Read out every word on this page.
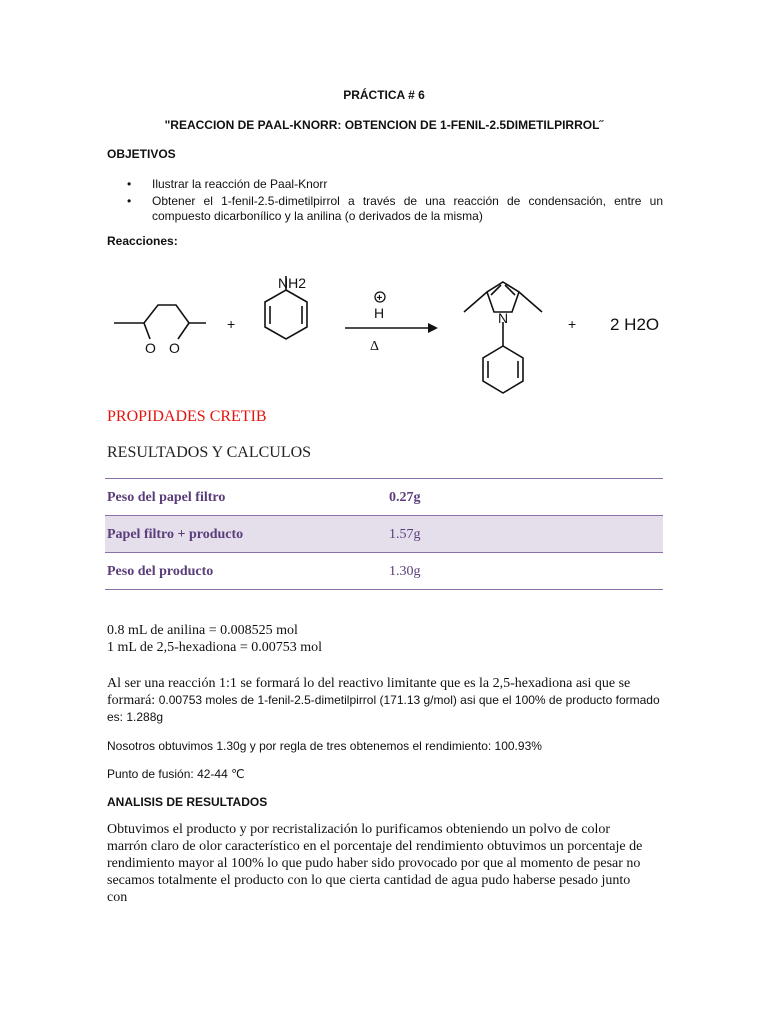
PRÁCTICA # 6
"REACCION DE PAAL-KNORR: OBTENCION DE 1-FENIL-2.5DIMETILPIRROL˝
OBJETIVOS
• Ilustrar la reacción de Paal-Knorr
• Obtener el 1-fenil-2.5-dimetilpirrol a través de una reacción de condensación, entre un compuesto dicarbonílico y la anilina (o derivados de la misma)
Reacciones:
O O
+
NH2
+
H
Δ
N	+ 2 H2O
PROPIDADES CRETIB
RESULTADOS Y CALCULOS
Peso del papel filtro	0.27g
Papel filtro + producto	1.57g
Peso del producto	1.30g
0.8 mL de anilina = 0.008525 mol
1 mL de 2,5-hexadiona = 0.00753 mol
Al ser una reacción 1:1 se formará lo del reactivo limitante que es la 2,5-hexadiona asi que se formará: 0.00753 moles de 1-fenil-2.5-dimetilpirrol (171.13 g/mol) asi que el 100% de producto formado es: 1.288g
Nosotros obtuvimos 1.30g y por regla de tres obtenemos el rendimiento: 100.93%
Punto de fusión: 42-44 ℃
ANALISIS DE RESULTADOS
Obtuvimos el producto y por recristalización lo purificamos obteniendo un polvo de color marrón claro de olor característico en el porcentaje del rendimiento obtuvimos un porcentaje de rendimiento mayor al 100% lo que pudo haber sido provocado por que al momento de pesar no secamos totalmente el producto con lo que cierta cantidad de agua pudo haberse pesado junto con
